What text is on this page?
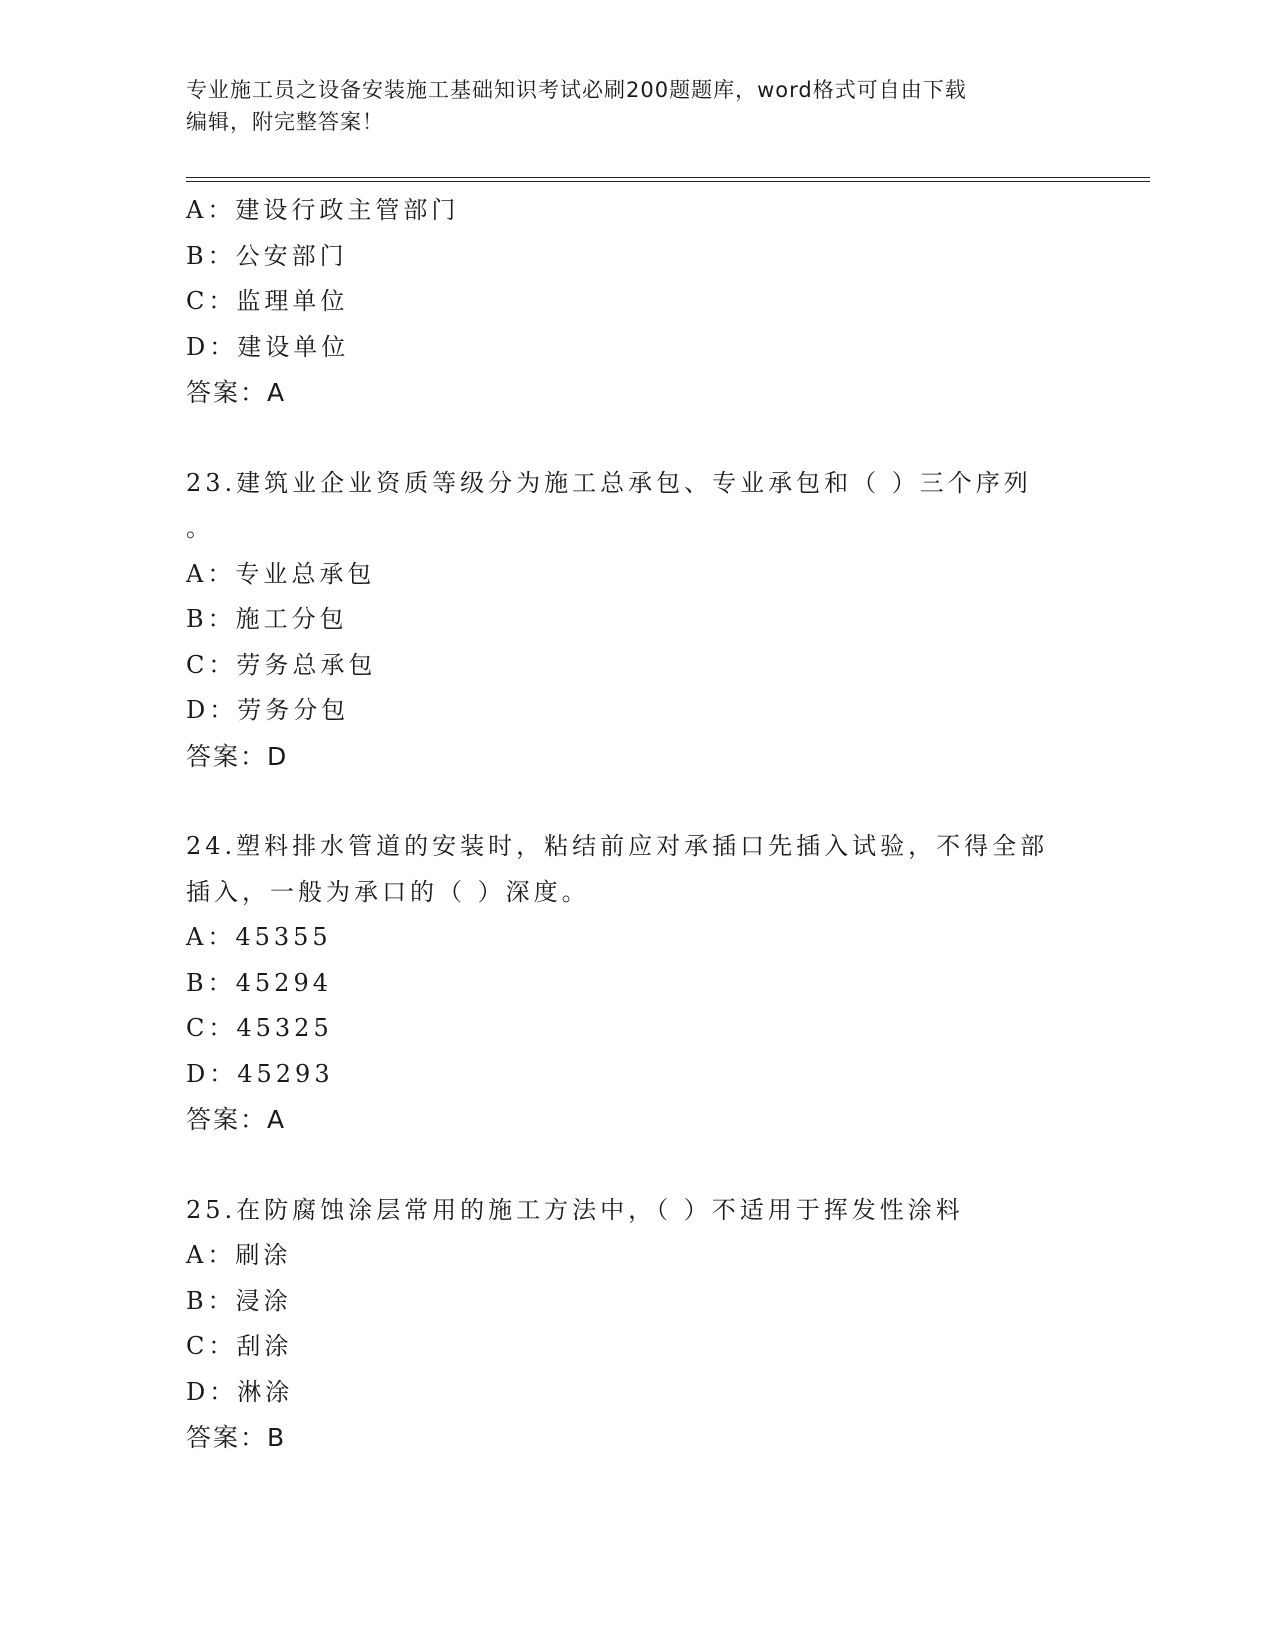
专业施工员之设备安装施工基础知识考试必刷200题题库，word格式可自由下载
编辑，附完整答案！
A：建设行政主管部门
B：公安部门
C：监理单位
D：建设单位
答案：A
23.建筑业企业资质等级分为施工总承包、专业承包和（ ）三个序列
。
A：专业总承包
B：施工分包
C：劳务总承包
D：劳务分包
答案：D
24.塑料排水管道的安装时，粘结前应对承插口先插入试验，不得全部
插入，一般为承口的（ ）深度。
A：45355
B：45294
C：45325
D：45293
答案：A
25.在防腐蚀涂层常用的施工方法中，（ ）不适用于挥发性涂料
A：刷涂
B：浸涂
C：刮涂
D：淋涂
答案：B
